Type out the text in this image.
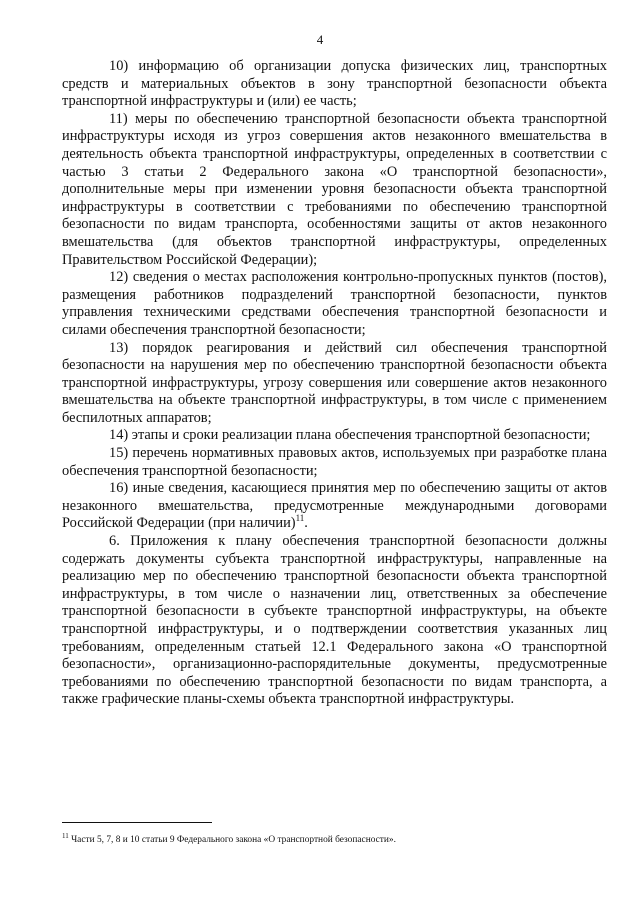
4

10) информацию об организации допуска физических лиц, транспортных средств и материальных объектов в зону транспортной безопасности объекта транспортной инфраструктуры и (или) ее часть;

11) меры по обеспечению транспортной безопасности объекта транспортной инфраструктуры исходя из угроз совершения актов незаконного вмешательства в деятельность объекта транспортной инфраструктуры, определенных в соответствии с частью 3 статьи 2 Федерального закона «О транспортной безопасности», дополнительные меры при изменении уровня безопасности объекта транспортной инфраструктуры в соответствии с требованиями по обеспечению транспортной безопасности по видам транспорта, особенностями защиты от актов незаконного вмешательства (для объектов транспортной инфраструктуры, определенных Правительством Российской Федерации);

12) сведения о местах расположения контрольно-пропускных пунктов (постов), размещения работников подразделений транспортной безопасности, пунктов управления техническими средствами обеспечения транспортной безопасности и силами обеспечения транспортной безопасности;

13) порядок реагирования и действий сил обеспечения транспортной безопасности на нарушения мер по обеспечению транспортной безопасности объекта транспортной инфраструктуры, угрозу совершения или совершение актов незаконного вмешательства на объекте транспортной инфраструктуры, в том числе с применением беспилотных аппаратов;

14) этапы и сроки реализации плана обеспечения транспортной безопасности;

15) перечень нормативных правовых актов, используемых при разработке плана обеспечения транспортной безопасности;

16) иные сведения, касающиеся принятия мер по обеспечению защиты от актов незаконного вмешательства, предусмотренные международными договорами Российской Федерации (при наличии)$^{11}$.

6. Приложения к плану обеспечения транспортной безопасности должны содержать документы субъекта транспортной инфраструктуры, направленные на реализацию мер по обеспечению транспортной безопасности объекта транспортной инфраструктуры, в том числе о назначении лиц, ответственных за обеспечение транспортной безопасности в субъекте транспортной инфраструктуры, на объекте транспортной инфраструктуры, и о подтверждении соответствия указанных лиц требованиям, определенным статьей 12.1 Федерального закона «О транспортной безопасности», организационно-распорядительные документы, предусмотренные требованиями по обеспечению транспортной безопасности по видам транспорта, а также графические планы-схемы объекта транспортной инфраструктуры.

$^{11}$ Части 5, 7, 8 и 10 статьи 9 Федерального закона «О транспортной безопасности».
